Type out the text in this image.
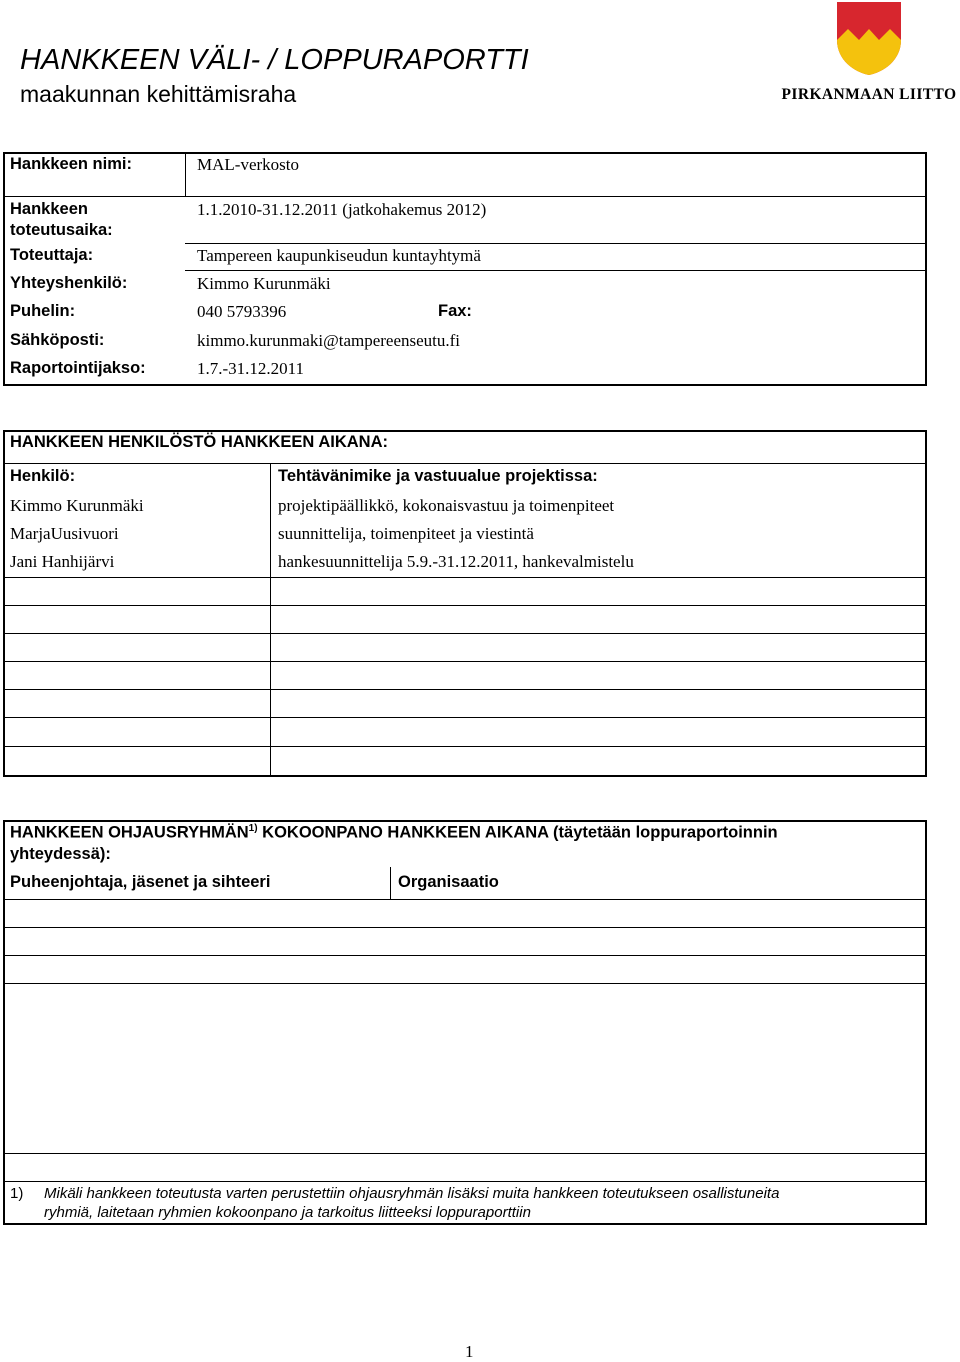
HANKKEEN VÄLI- / LOPPURAPORTTI
maakunnan kehittämisraha	PIRKANMAAN LIITTO
Hankkeen nimi:	MAL-verkosto
Hankkeen
toteutusaika:
1.1.2010-31.12.2011 (jatkohakemus 2012)
Toteuttaja:	Tampereen kaupunkiseudun kuntayhtymä
Yhteyshenkilö:	Kimmo Kurunmäki
Puhelin:	040 5793396	Fax:
Sähköposti:	kimmo.kurunmaki@tampereenseutu.fi
Raportointijakso:	1.7.-31.12.2011
HANKKEEN HENKILÖSTÖ HANKKEEN AIKANA:
Henkilö:	Tehtävänimike ja vastuualue projektissa:
Kimmo Kurunmäki	projektipäällikkö, kokonaisvastuu ja toimenpiteet
MarjaUusivuori	suunnittelija, toimenpiteet ja viestintä
Jani Hanhijärvi	hankesuunnittelija 5.9.-31.12.2011, hankevalmistelu
HANKKEEN OHJAUSRYHMÄN$^{1)}$ KOKOONPANO HANKKEEN AIKANA (täytetään loppuraportoinnin
yhteydessä):
Puheenjohtaja, jäsenet ja sihteeri	Organisaatio
1) Mikäli hankkeen toteutusta varten perustettiin ohjausryhmän lisäksi muita hankkeen toteutukseen osallistuneita
ryhmiä, laitetaan ryhmien kokoonpano ja tarkoitus liitteeksi loppuraporttiin
1
